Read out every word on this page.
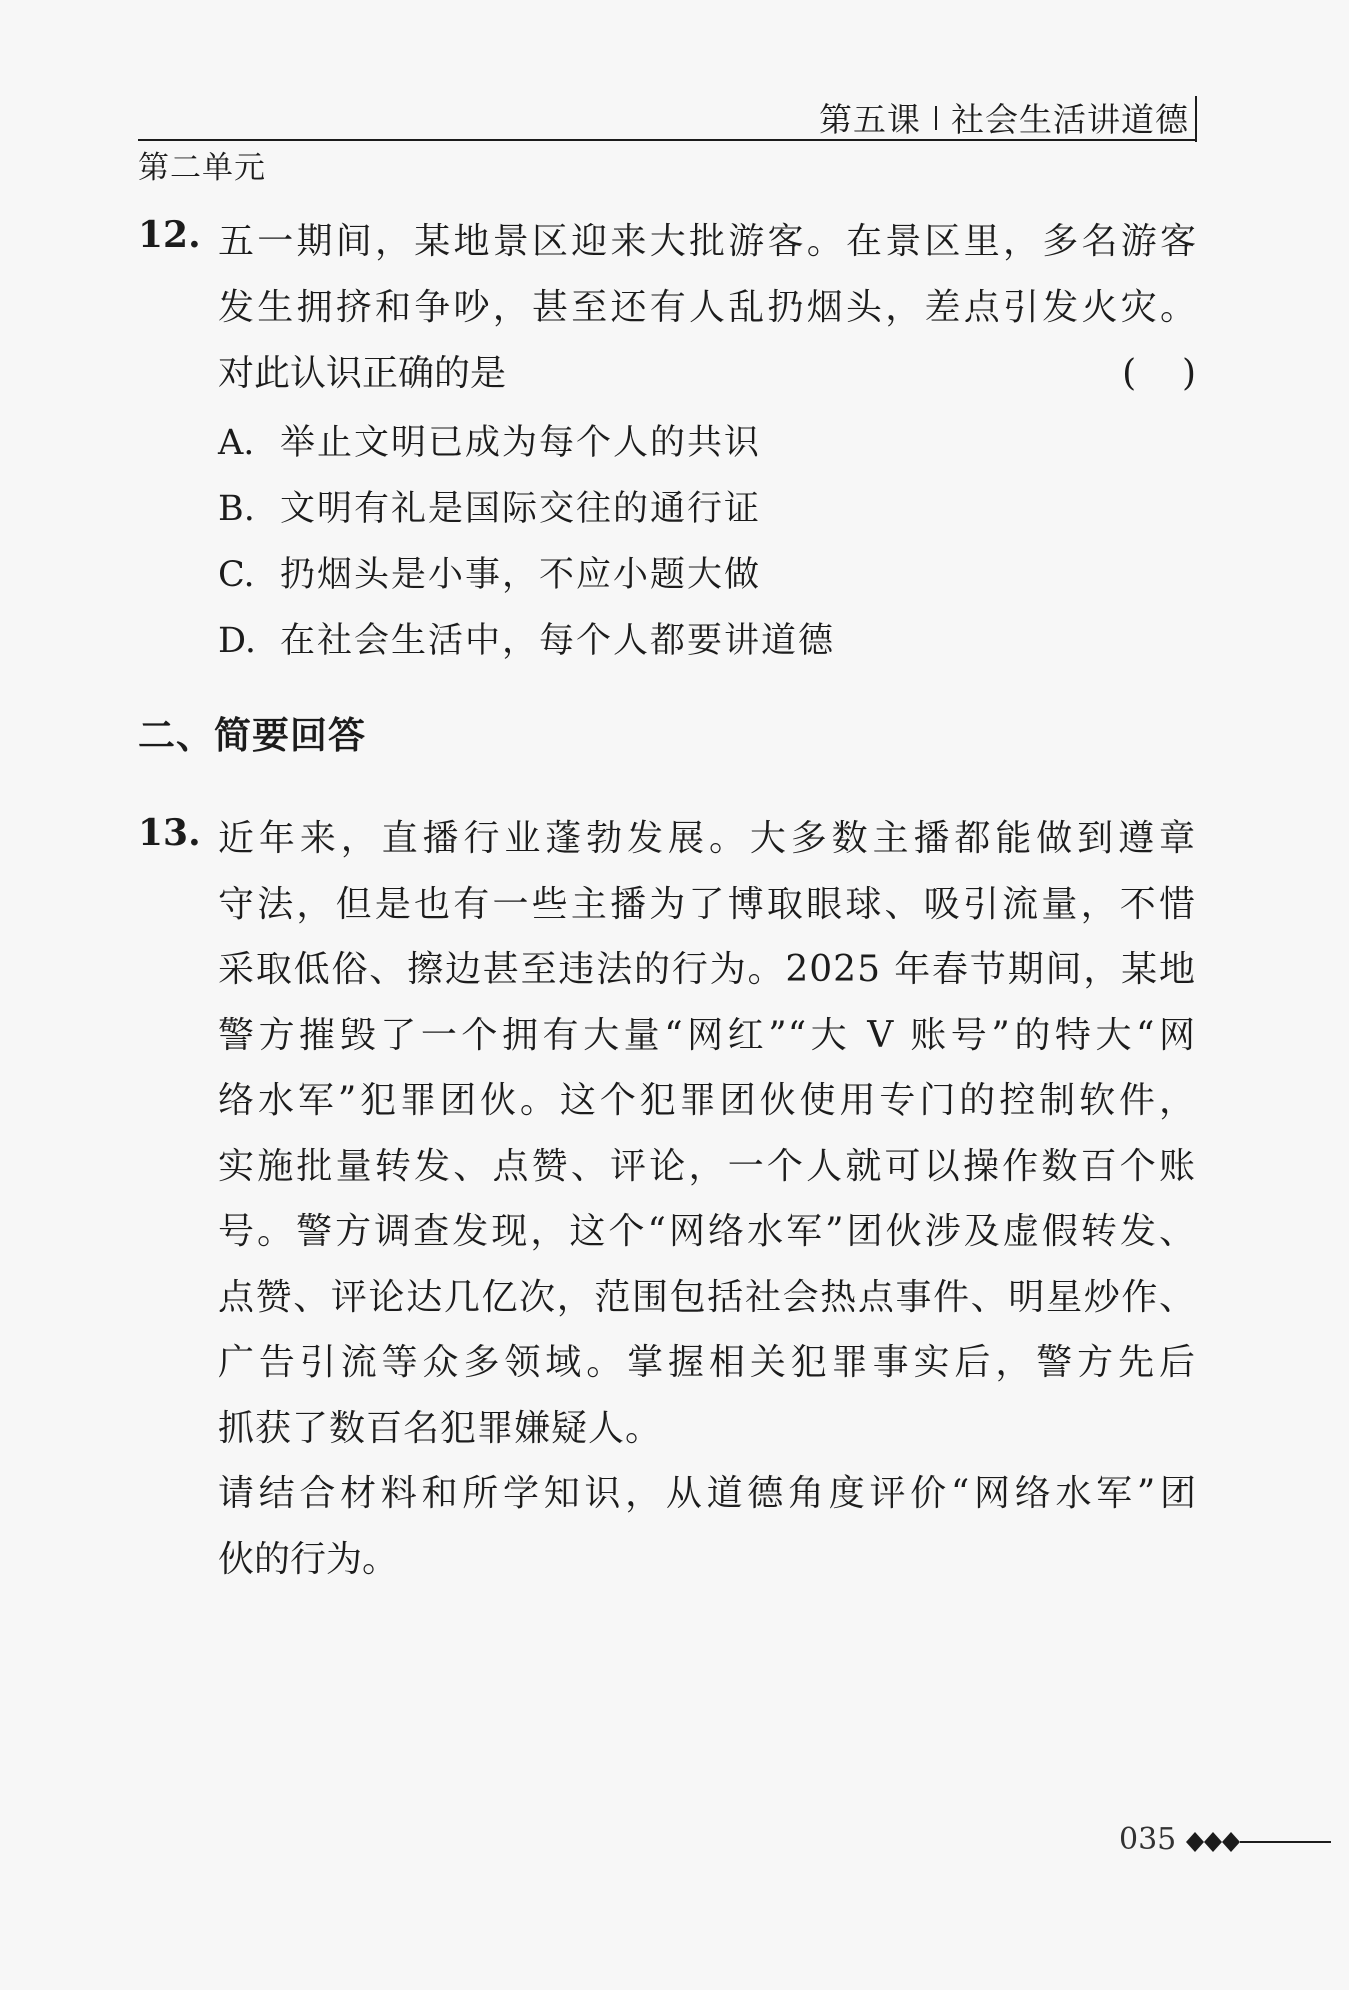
第五课 社会生活讲道德
第二单元
12. 五一期间，某地景区迎来大批游客。在景区里，多名游客

发生拥挤和争吵，甚至还有人乱扔烟头，差点引发火灾。

对此认识正确的是	(    )
A. 举止文明已成为每个人的共识
B. 文明有礼是国际交往的通行证
C. 扔烟头是小事，不应小题大做
D. 在社会生活中，每个人都要讲道德
二、简要回答
13. 近年来，直播行业蓬勃发展。大多数主播都能做到遵章

守法，但是也有一些主播为了博取眼球、吸引流量，不惜

采取低俗、擦边甚至违法的行为。2025 年春节期间，某地

警方摧毁了一个拥有大量“网红”“大 V 账号”的特大“网

络水军”犯罪团伙。这个犯罪团伙使用专门的控制软件，

实施批量转发、点赞、评论，一个人就可以操作数百个账

号。警方调查发现，这个“网络水军”团伙涉及虚假转发、

点赞、评论达几亿次，范围包括社会热点事件、明星炒作、

广告引流等众多领域。掌握相关犯罪事实后，警方先后

抓获了数百名犯罪嫌疑人。

请结合材料和所学知识，从道德角度评价“网络水军”团

伙的行为。

035
